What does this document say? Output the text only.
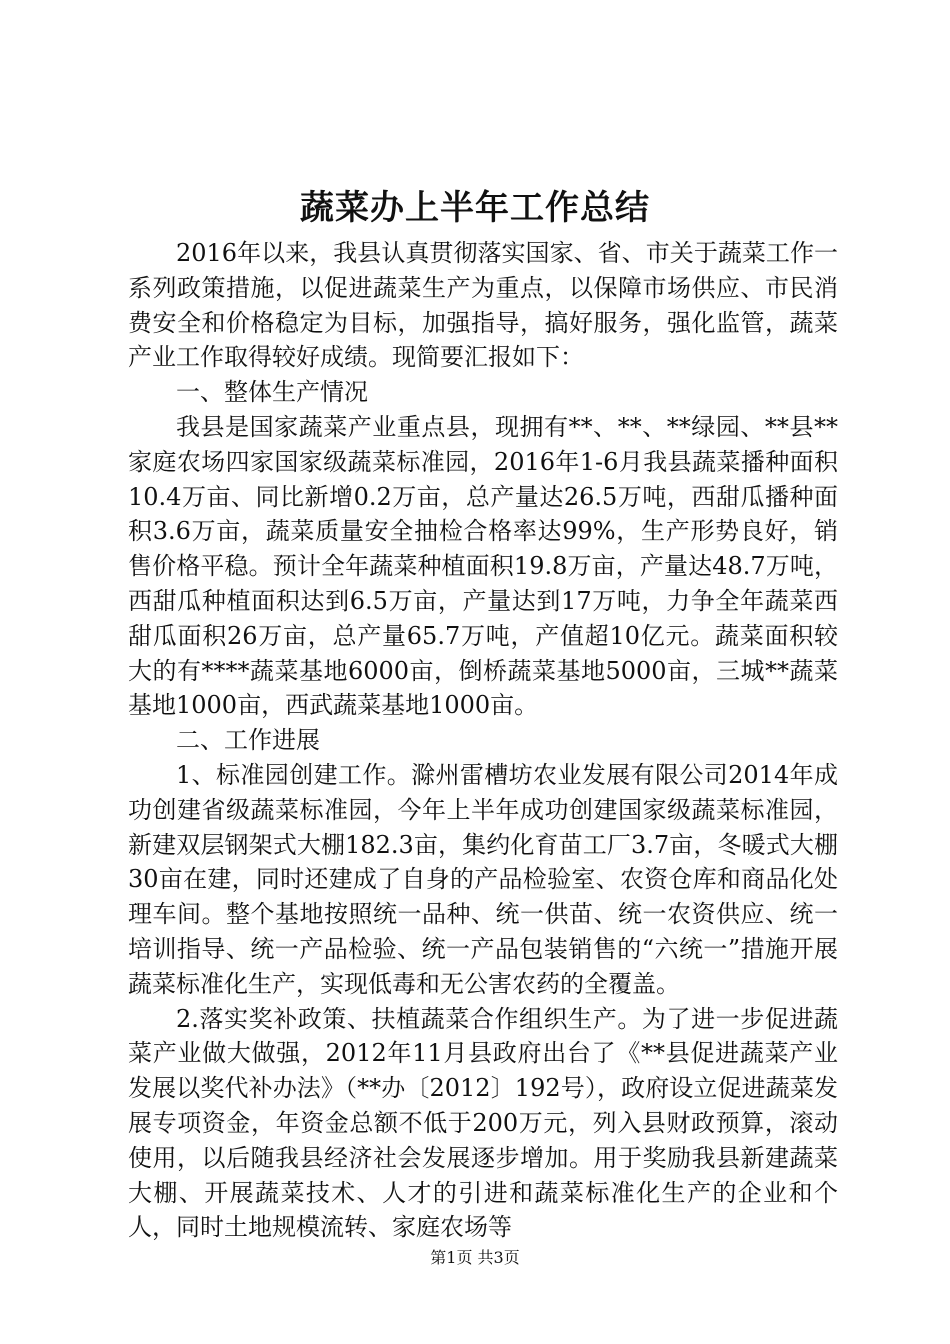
蔬菜办上半年工作总结

2016年以来，我县认真贯彻落实国家、省、市关于蔬菜工作一系列政策措施，以促进蔬菜生产为重点，以保障市场供应、市民消费安全和价格稳定为目标，加强指导，搞好服务，强化监管，蔬菜产业工作取得较好成绩。现简要汇报如下：

一、整体生产情况

我县是国家蔬菜产业重点县，现拥有**、**、**绿园、**县**家庭农场四家国家级蔬菜标准园，2016年1-6月我县蔬菜播种面积10.4万亩、同比新增0.2万亩，总产量达26.5万吨，西甜瓜播种面积3.6万亩，蔬菜质量安全抽检合格率达99%，生产形势良好，销售价格平稳。预计全年蔬菜种植面积19.8万亩，产量达48.7万吨，西甜瓜种植面积达到6.5万亩，产量达到17万吨，力争全年蔬菜西甜瓜面积26万亩，总产量65.7万吨，产值超10亿元。蔬菜面积较大的有****蔬菜基地6000亩，倒桥蔬菜基地5000亩，三城**蔬菜基地1000亩，西武蔬菜基地1000亩。

二、工作进展

1、标准园创建工作。滁州雷槽坊农业发展有限公司2014年成功创建省级蔬菜标准园，今年上半年成功创建国家级蔬菜标准园，新建双层钢架式大棚182.3亩，集约化育苗工厂3.7亩，冬暖式大棚30亩在建，同时还建成了自身的产品检验室、农资仓库和商品化处理车间。整个基地按照统一品种、统一供苗、统一农资供应、统一培训指导、统一产品检验、统一产品包装销售的“六统一”措施开展蔬菜标准化生产，实现低毒和无公害农药的全覆盖。

2.落实奖补政策、扶植蔬菜合作组织生产。为了进一步促进蔬菜产业做大做强，2012年11月县政府出台了《**县促进蔬菜产业发展以奖代补办法》（**办〔2012〕192号），政府设立促进蔬菜发展专项资金，年资金总额不低于200万元，列入县财政预算，滚动使用，以后随我县经济社会发展逐步增加。用于奖励我县新建蔬菜大棚、开展蔬菜技术、人才的引进和蔬菜标准化生产的企业和个人，同时土地规模流转、家庭农场等

第1页 共3页
